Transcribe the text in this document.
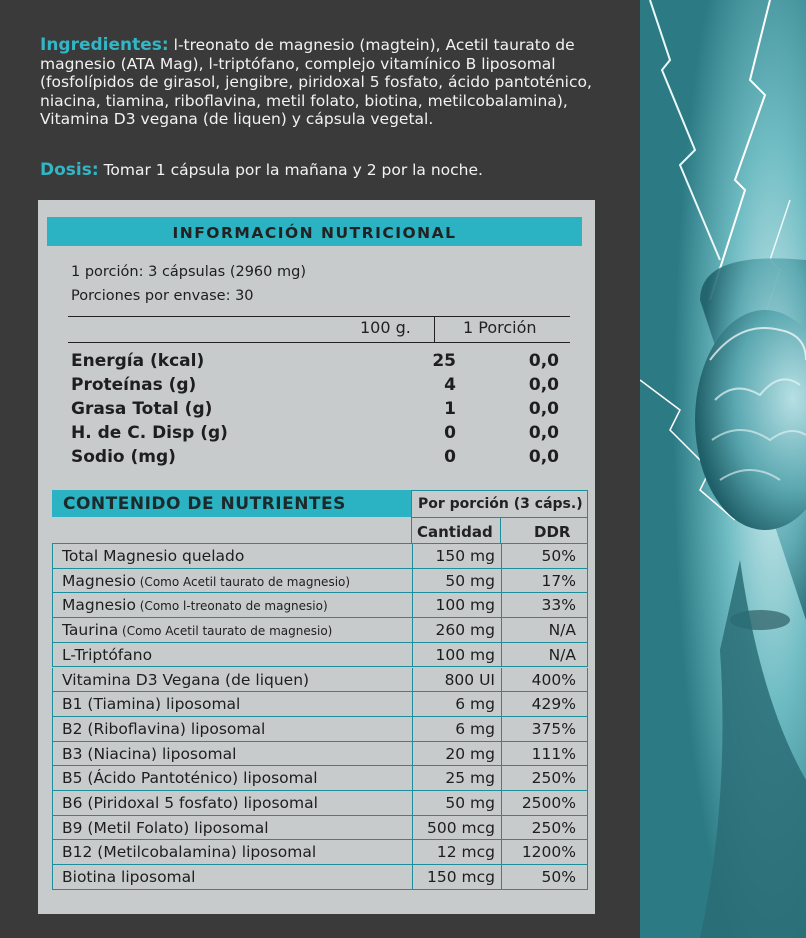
Ingredientes: l-treonato de magnesio (magtein), Acetil taurato de magnesio (ATA Mag), l-triptófano, complejo vitamínico B liposomal (fosfolípidos de girasol, jengibre, piridoxal 5 fosfato, ácido pantoténico, niacina, tiamina, riboflavina, metil folato, biotina, metilcobalamina), Vitamina D3 vegana (de liquen) y cápsula vegetal.

Dosis: Tomar 1 cápsula por la mañana y 2 por la noche.

INFORMACIÓN NUTRICIONAL
1 porción: 3 cápsulas (2960 mg)
Porciones por envase: 30
100 g.	1 Porción
Energía (kcal)	25	0,0
Proteínas (g)	4	0,0
Grasa Total (g)	1	0,0
H. de C. Disp (g)	0	0,0
Sodio (mg)	0	0,0
CONTENIDO DE NUTRIENTES	Por porción (3 cáps.)
Cantidad	DDR
Total Magnesio quelado	150 mg	50%
Magnesio (Como Acetil taurato de magnesio)	50 mg	17%
Magnesio (Como l-treonato de magnesio)	100 mg	33%
Taurina (Como Acetil taurato de magnesio)	260 mg	N/A
L-Triptófano	100 mg	N/A
Vitamina D3 Vegana (de liquen)	800 UI 400%
B1 (Tiamina) liposomal	6 mg 429%
B2 (Riboflavina) liposomal	6 mg 375%
B3 (Niacina) liposomal	20 mg 111%
B5 (Ácido Pantoténico) liposomal	25 mg 250%
B6 (Piridoxal 5 fosfato) liposomal	50 mg 2500%
B9 (Metil Folato) liposomal	500 mcg 250%
B12 (Metilcobalamina) liposomal	12 mcg 1200%
Biotina liposomal	150 mcg	50%
